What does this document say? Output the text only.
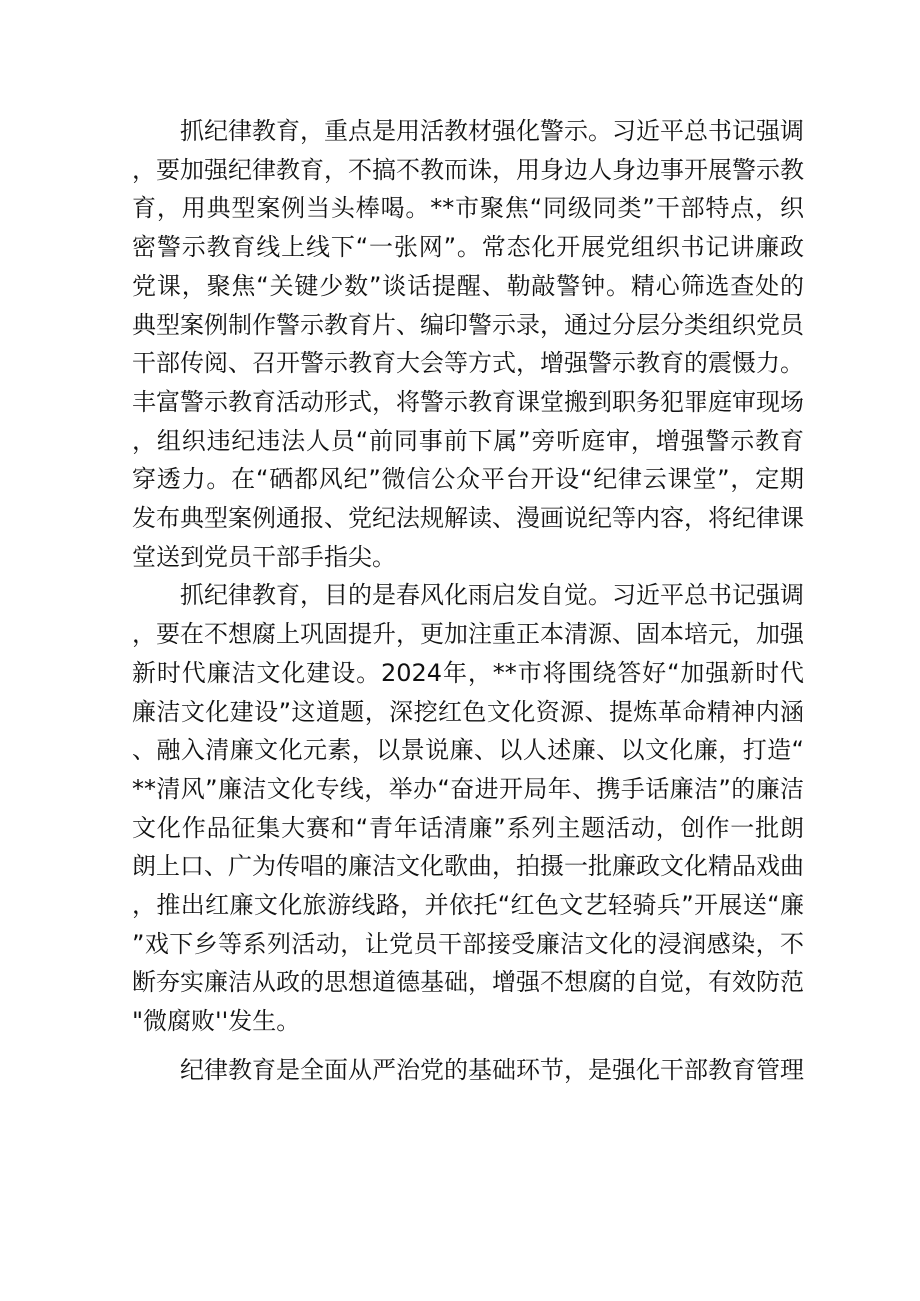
抓纪律教育，重点是用活教材强化警示。习近平总书记强调，要加强纪律教育，不搞不教而诛，用身边人身边事开展警示教育，用典型案例当头棒喝。**市聚焦“同级同类”干部特点，织密警示教育线上线下“一张网”。常态化开展党组织书记讲廉政党课，聚焦“关键少数”谈话提醒、勒敲警钟。精心筛选查处的典型案例制作警示教育片、编印警示录，通过分层分类组织党员干部传阅、召开警示教育大会等方式，增强警示教育的震慑力。丰富警示教育活动形式，将警示教育课堂搬到职务犯罪庭审现场，组织违纪违法人员“前同事前下属”旁听庭审，增强警示教育穿透力。在“硒都风纪”微信公众平台开设“纪律云课堂”，定期发布典型案例通报、党纪法规解读、漫画说纪等内容，将纪律课堂送到党员干部手指尖。

抓纪律教育，目的是春风化雨启发自觉。习近平总书记强调，要在不想腐上巩固提升，更加注重正本清源、固本培元，加强新时代廉洁文化建设。2024年，**市将围绕答好“加强新时代廉洁文化建设”这道题，深挖红色文化资源、提炼革命精神内涵、融入清廉文化元素，以景说廉、以人述廉、以文化廉，打造“**清风”廉洁文化专线，举办“奋进开局年、携手话廉洁”的廉洁文化作品征集大赛和“青年话清廉”系列主题活动，创作一批朗朗上口、广为传唱的廉洁文化歌曲，拍摄一批廉政文化精品戏曲，推出红廉文化旅游线路，并依托“红色文艺轻骑兵”开展送“廉”戏下乡等系列活动，让党员干部接受廉洁文化的浸润感染，不断夯实廉洁从政的思想道德基础，增强不想腐的自觉，有效防范"微腐败''发生。

纪律教育是全面从严治党的基础环节，是强化干部教育管理
